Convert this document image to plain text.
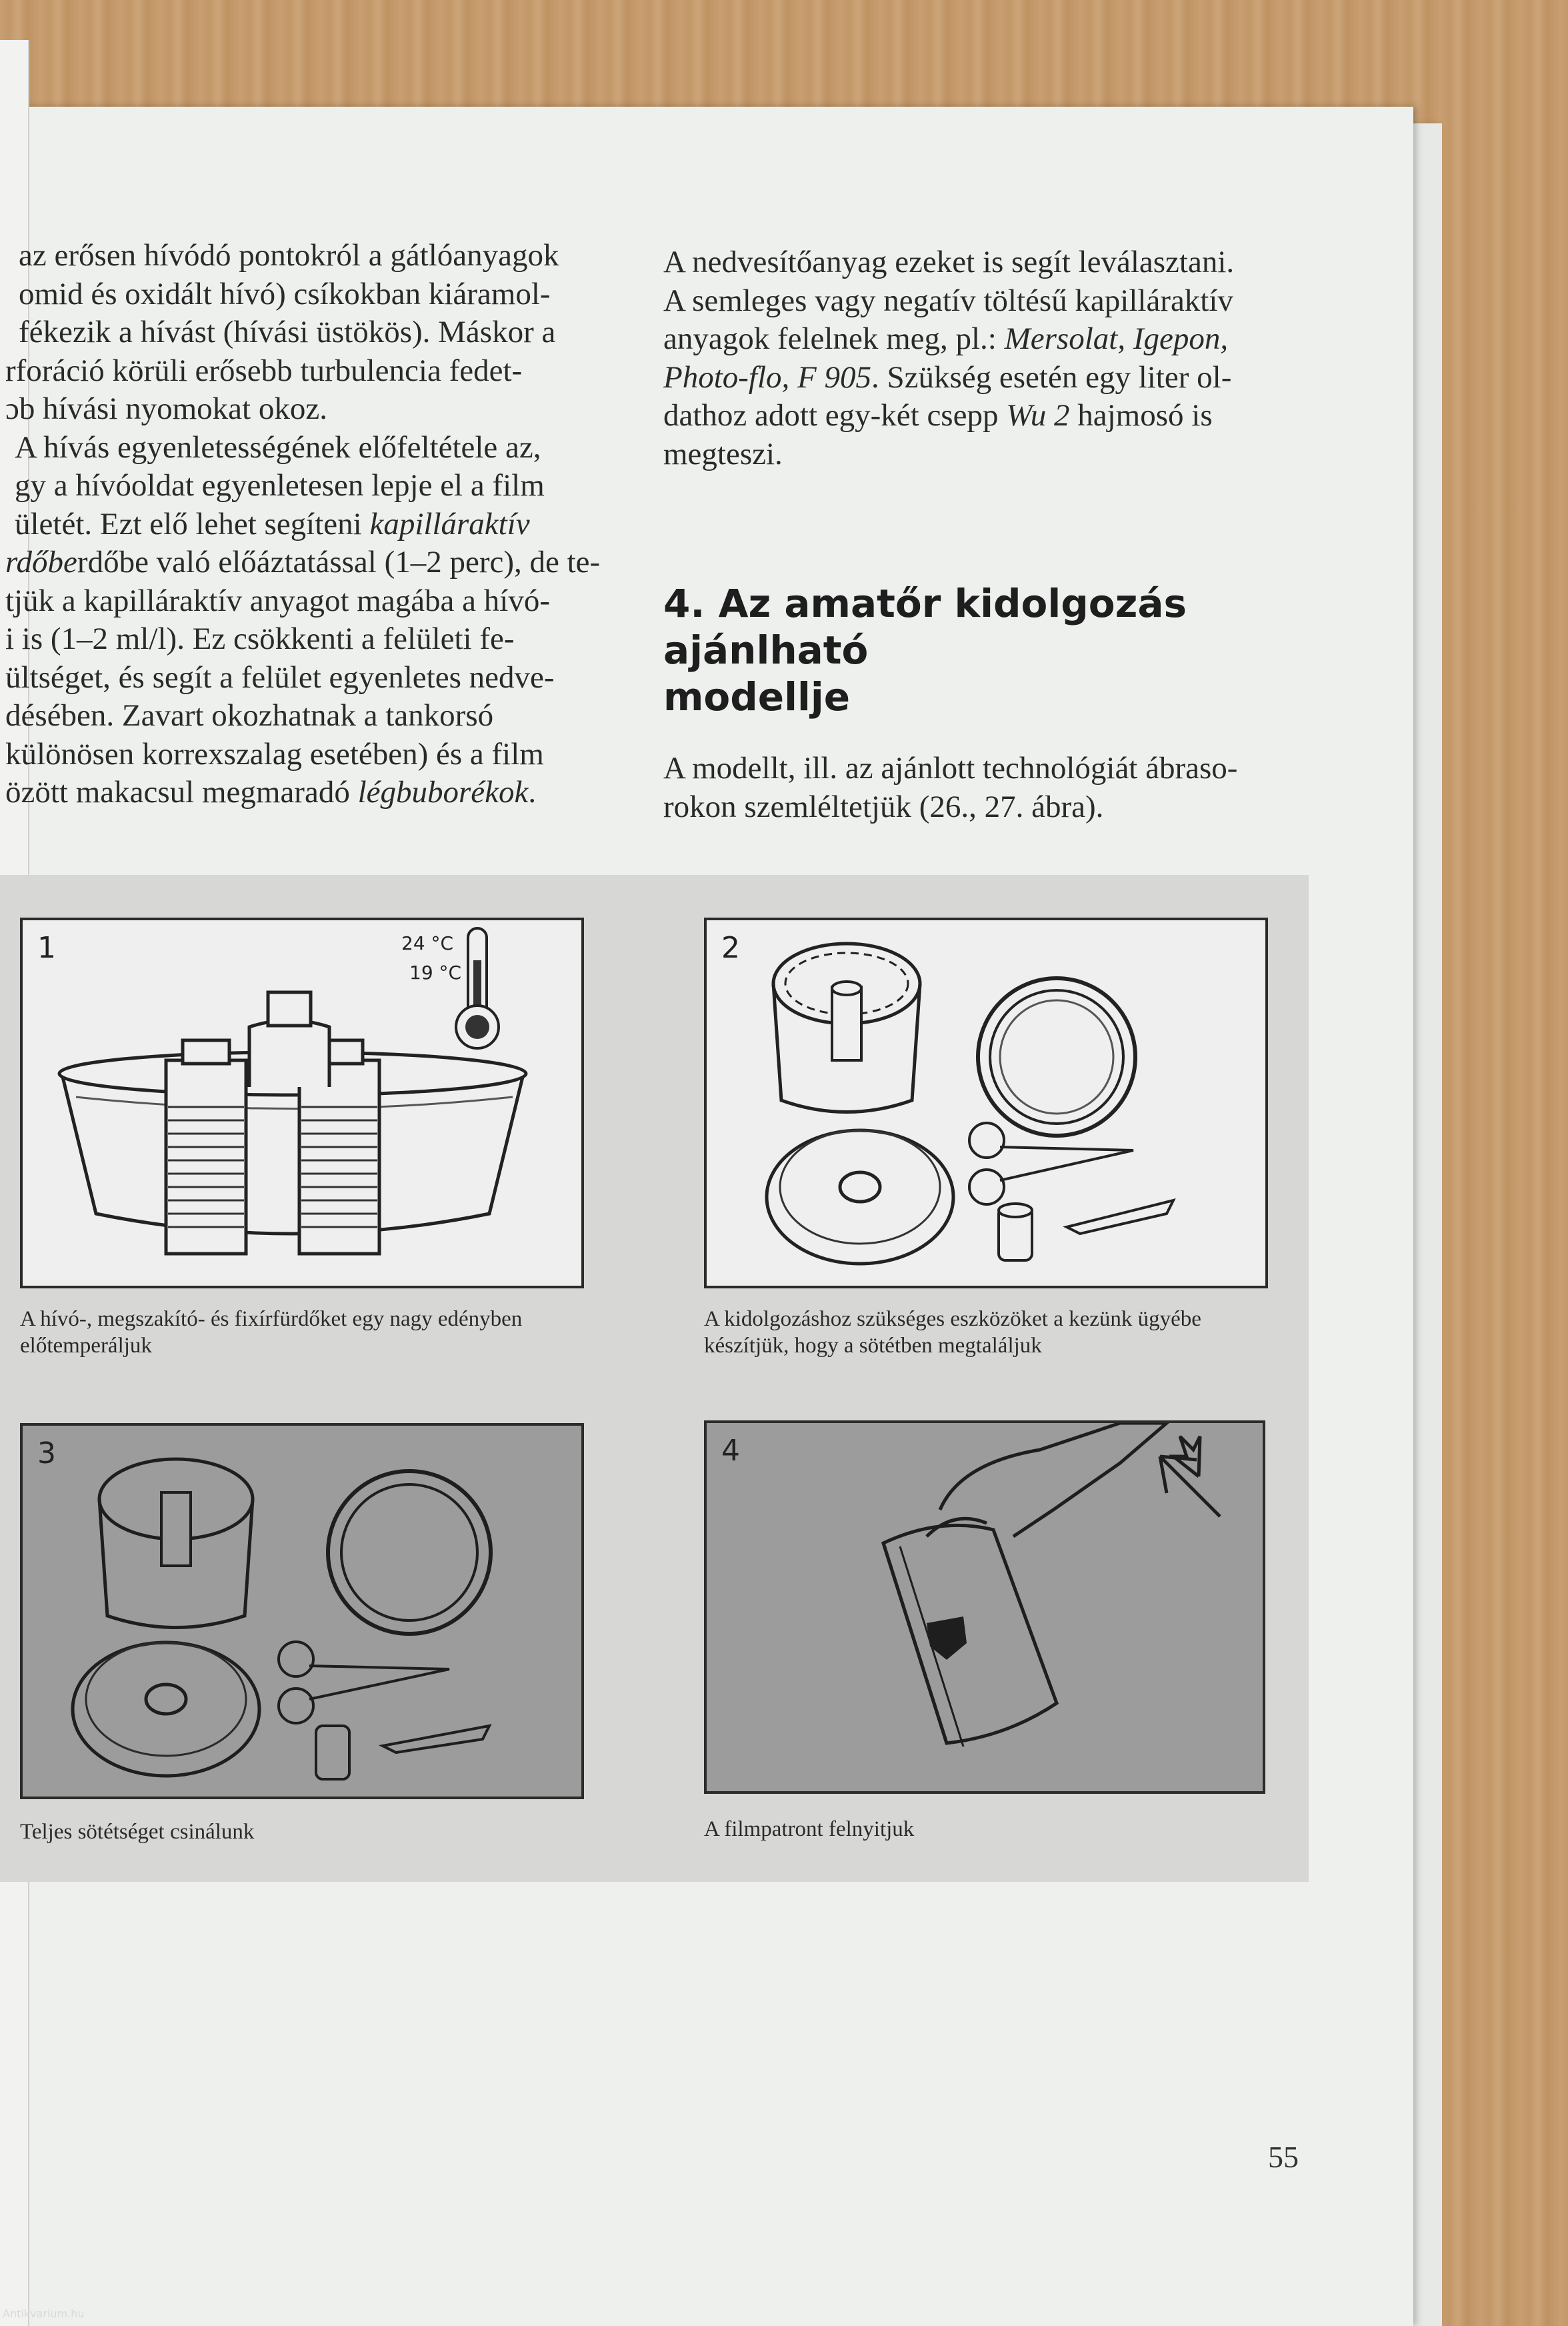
az erősen hívódó pontokról a gátlóanyagok

omid és oxidált hívó) csíkokban kiáramol-

fékezik a hívást (hívási üstökös). Máskor a

rforáció körüli erősebb turbulencia fedet-

ɔb hívási nyomokat okoz.

A hívás egyenletességének előfeltétele az,

gy a hívóoldat egyenletesen lepje el a film

ületét. Ezt elő lehet segíteni kapilláraktív

rdőberdőbe való előáztatással (1–2 perc), de te-

tjük a kapilláraktív anyagot magába a hívó-

i is (1–2 ml/l). Ez csökkenti a felületi fe-

ültséget, és segít a felület egyenletes nedve-

désében. Zavart okozhatnak a tankorsó

különösen korrexszalag esetében) és a film

özött makacsul megmaradó légbuborékok.

A nedvesítőanyag ezeket is segít leválasztani.

A semleges vagy negatív töltésű kapilláraktív

anyagok felelnek meg, pl.: Mersolat, Igepon,

Photo-flo, F 905. Szükség esetén egy liter ol-

dathoz adott egy-két csepp Wu 2 hajmosó is

megteszi.

4. Az amatőr kidolgozás ajánlható
modellje
A modellt, ill. az ajánlott technológiát ábraso-
rokon szemléltetjük (26., 27. ábra).
1	24 °C
19 °C
A hívó-, megszakító- és fixírfürdőket egy nagy edényben
előtemperáljuk
2
A kidolgozáshoz szükséges eszközöket a kezünk ügyébe
készítjük, hogy a sötétben megtaláljuk
3
Teljes sötétséget csinálunk
4
A filmpatront felnyitjuk
55
Antikvarium.hu
